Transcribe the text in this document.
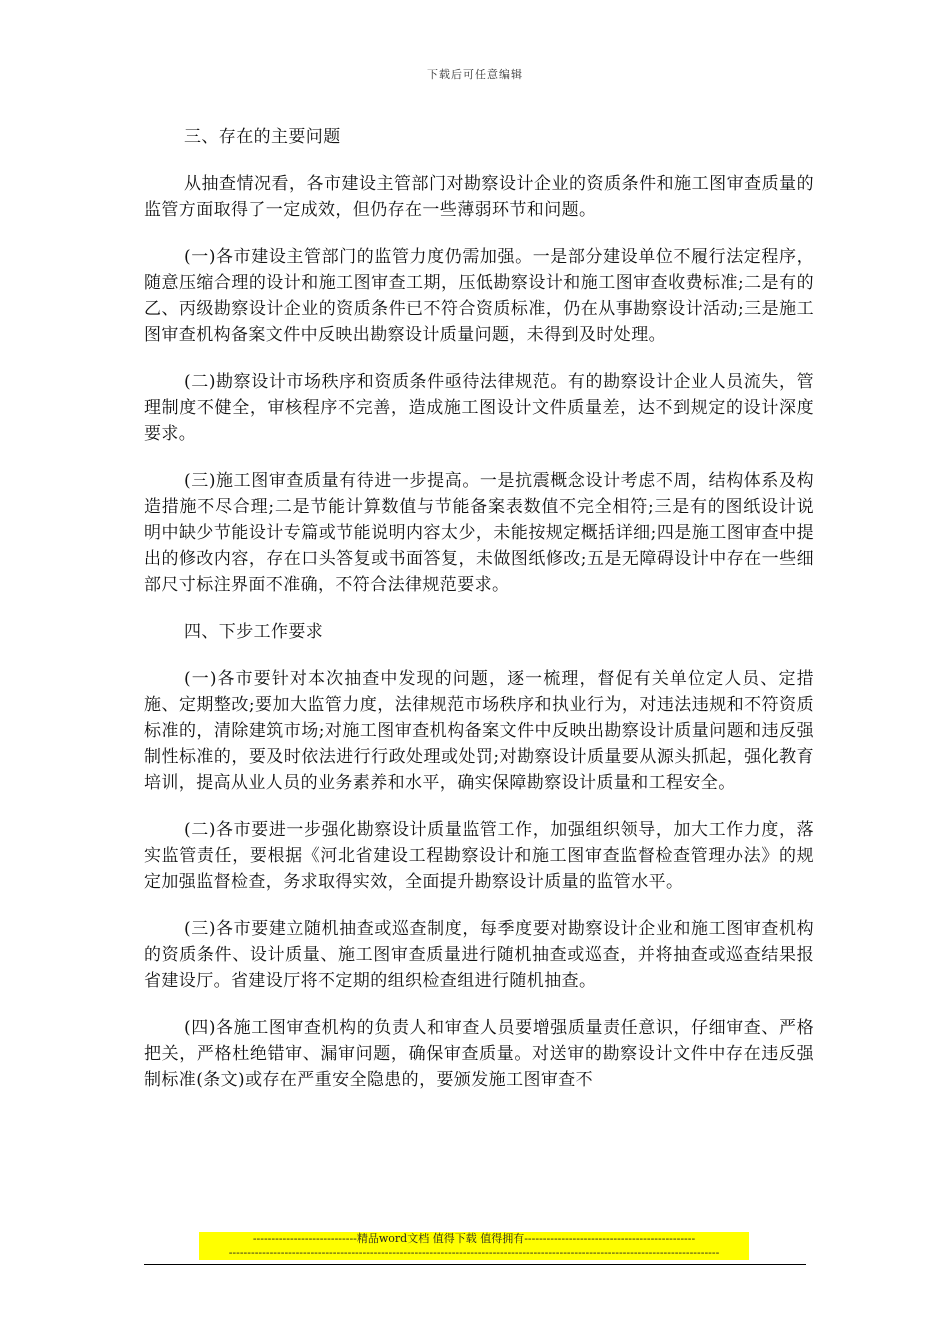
下载后可任意编辑

三、存在的主要问题

从抽查情况看，各市建设主管部门对勘察设计企业的资质条件和施工图审查质量的监管方面取得了一定成效，但仍存在一些薄弱环节和问题。

(一)各市建设主管部门的监管力度仍需加强。一是部分建设单位不履行法定程序，随意压缩合理的设计和施工图审查工期，压低勘察设计和施工图审查收费标准;二是有的乙、丙级勘察设计企业的资质条件已不符合资质标准，仍在从事勘察设计活动;三是施工图审查机构备案文件中反映出勘察设计质量问题，未得到及时处理。

(二)勘察设计市场秩序和资质条件亟待法律规范。有的勘察设计企业人员流失，管理制度不健全，审核程序不完善，造成施工图设计文件质量差，达不到规定的设计深度要求。

(三)施工图审查质量有待进一步提高。一是抗震概念设计考虑不周，结构体系及构造措施不尽合理;二是节能计算数值与节能备案表数值不完全相符;三是有的图纸设计说明中缺少节能设计专篇或节能说明内容太少，未能按规定概括详细;四是施工图审查中提出的修改内容，存在口头答复或书面答复，未做图纸修改;五是无障碍设计中存在一些细部尺寸标注界面不准确，不符合法律规范要求。

四、下步工作要求

(一)各市要针对本次抽查中发现的问题，逐一梳理，督促有关单位定人员、定措施、定期整改;要加大监管力度，法律规范市场秩序和执业行为，对违法违规和不符资质标准的，清除建筑市场;对施工图审查机构备案文件中反映出勘察设计质量问题和违反强制性标准的，要及时依法进行行政处理或处罚;对勘察设计质量要从源头抓起，强化教育培训，提高从业人员的业务素养和水平，确实保障勘察设计质量和工程安全。

(二)各市要进一步强化勘察设计质量监管工作，加强组织领导，加大工作力度，落实监管责任，要根据《河北省建设工程勘察设计和施工图审查监督检查管理办法》的规定加强监督检查，务求取得实效，全面提升勘察设计质量的监管水平。

(三)各市要建立随机抽查或巡查制度，每季度要对勘察设计企业和施工图审查机构的资质条件、设计质量、施工图审查质量进行随机抽查或巡查，并将抽查或巡查结果报省建设厅。省建设厅将不定期的组织检查组进行随机抽查。

(四)各施工图审查机构的负责人和审查人员要增强质量责任意识，仔细审查、严格把关，严格杜绝错审、漏审问题，确保审查质量。对送审的勘察设计文件中存在违反强制标准(条文)或存在严重安全隐患的，要颁发施工图审查不

----------------------------精品word文档 值得下载 值得拥有----------------------------------------------
------------------------------------------------------------------------------------------------------------------------------------
